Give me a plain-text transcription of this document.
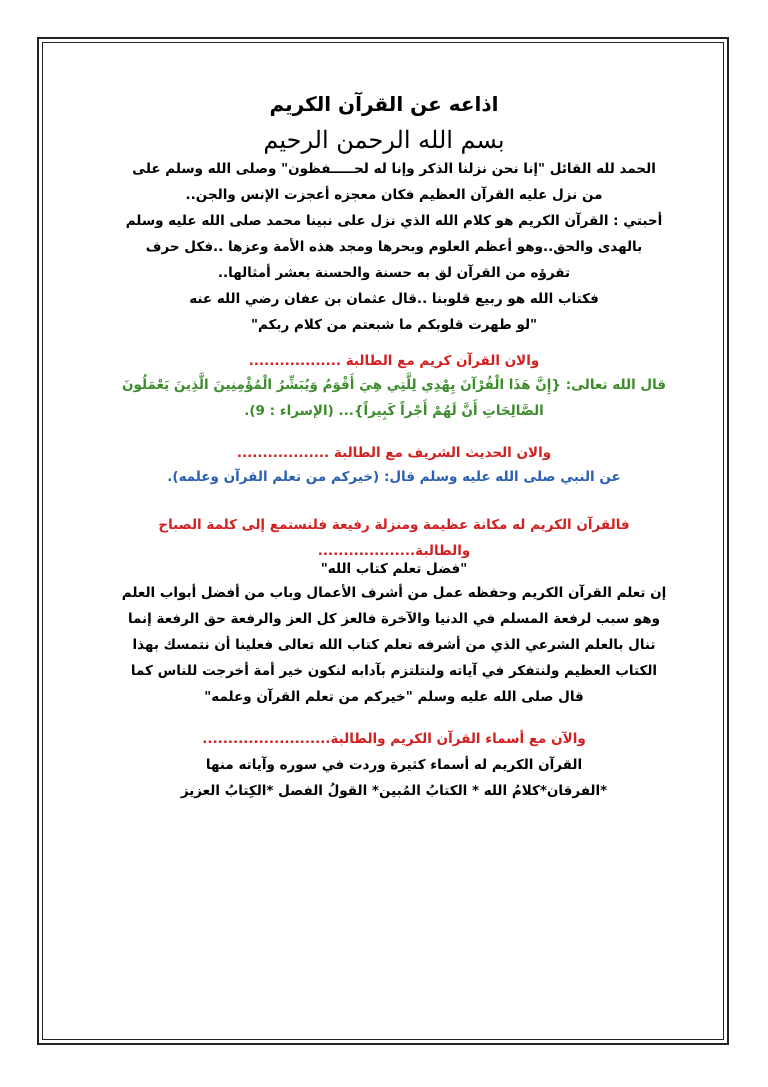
اذاعه عن القرآن الكريم
بسم الله الرحمن الرحيم
الحمد لله القائل "إنا نحن نزلنا الذكر وإنا له لحـــــفظون" وصلى الله وسلم على
من نزل عليه القرآن العظيم فكان معجزه أعجزت الإنس والجن..
أحبتي : القرآن الكريم هو كلام الله الذي نزل على نبينا محمد صلى الله عليه وسلم
بالهدى والحق..وهو أعظم العلوم وبحرها ومجد هذه الأمة وعزها ..فكل حرف
تقرؤه من القرآن لق به حسنة والحسنة بعشر أمثالها..
فكتاب الله هو ربيع قلوبنا ..قال عثمان بن عفان رضي الله عنه
"لو طهرت قلوبكم ما شبعتم من كلام ربكم"
والان القرآن كريم مع الطالبة ..................
قال الله تعالى: {إِنَّ هَذَا الْقُرْآنَ يِهْدِي لِلَّتِي هِيَ أَقْوَمُ وَيُبَشِّرُ الْمُؤْمِنِينَ الَّذِينَ يَعْمَلُونَ
الصَّالِحَاتِ أَنَّ لَهُمْ أَجْراً كَبِيراً}... (الإسراء : 9).
والان الحديث الشريف مع الطالبة ..................
عن النبي صلى الله عليه وسلم قال: (خيركم من تعلم القرآن وعلمه).
فالقرآن الكريم له مكانة عظيمة ومنزلة رفيعة فلنستمع إلى كلمة الصباح
والطالبة...................
"فضل تعلم كتاب الله"
إن تعلم القرآن الكريم وحفظه عمل من أشرف الأعمال وباب من أفضل أبواب العلم
وهو سبب لرفعة المسلم في الدنيا والآخرة فالعز كل العز والرفعة حق الرفعة إنما
تنال بالعلم الشرعي الذي من أشرفه تعلم كتاب الله تعالى فعلينا أن نتمسك بهذا
الكتاب العظيم ولنتفكر في آياته ولنتلتزم بآدابه لنكون خير أمة أخرجت للناس كما
قال صلى الله عليه وسلم "خيركم من تعلم القرآن وعلمه"
والآن مع أسماء القرآن الكريم والطالبة.........................
القرآن الكريم له أسماء كثيرة وردت في سوره وآياته منها
*الفرقان*كلامُ الله * الكتابُ المُبين* القولُ الفصل *الكِتابُ العزيز
